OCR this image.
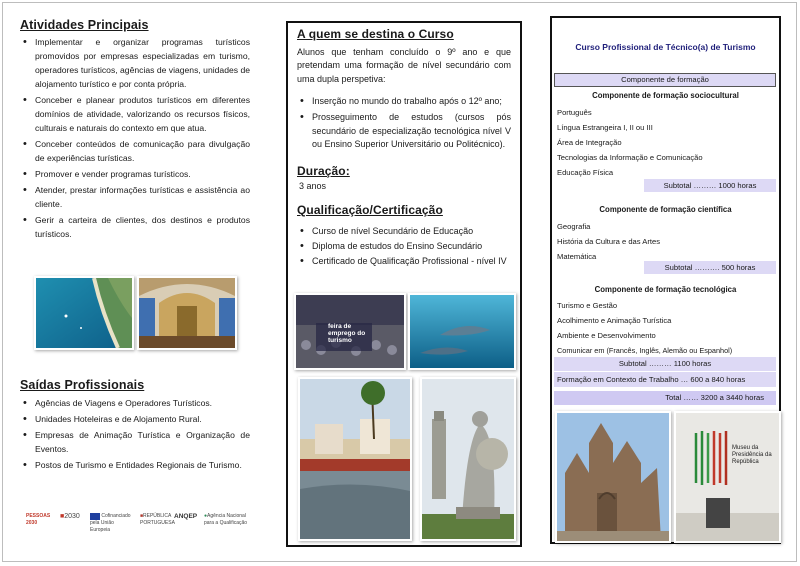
Atividades Principais
• Implementar e organizar programas turísticos promovidos por empresas especializadas em turismo, operadores turísticos, agências de viagens, unidades de alojamento turístico e por conta própria.
• Conceber e planear produtos turísticos em diferentes domínios de atividade, valorizando os recursos físicos, culturais e naturais do contexto em que atua.
• Conceber conteúdos de comunicação para divulgação de experiências turísticas.
• Promover e vender programas turísticos.
• Atender, prestar informações turísticas e assistência ao cliente.
• Gerir a carteira de clientes, dos destinos e produtos turísticos.
Saídas Profissionais
• Agências de Viagens e Operadores Turísticos.
• Unidades Hoteleiras e de Alojamento Rural.
• Empresas de Animação Turística e Organização de Eventos.
• Postos de Turismo e Entidades Regionais de Turismo.
PESSOAS 2030
■2030	Cofinanciado pela União Europeia
■REPÚBLICA PORTUGUESA
ANQEP	●Agência Nacional para a Qualificação
A quem se destina o Curso
Alunos que tenham concluído o 9º ano e que pretendam uma formação de nível secundário com uma dupla perspetiva:
• Inserção no mundo do trabalho após o 12º ano;
• Prosseguimento de estudos (cursos pós secundário de especialização tecnológica nível V ou Ensino Superior Universitário ou Politécnico).
Duração:
3 anos
Qualificação/Certificação
• Curso de nível Secundário de Educação
• Diploma de estudos do Ensino Secundário
• Certificado de Qualificação Profissional - nível IV
feira de emprego do turismo
Curso Profissional de Técnico(a) de Turismo
Componente de formação
Componente de formação sociocultural
Português
Língua Estrangeira I, II ou III
Área de Integração
Tecnologias da Informação e Comunicação
Educação Física
Subtotal ……… 1000 horas
Componente de formação científica
Geografia
História da Cultura e das Artes
Matemática
Subtotal ………. 500 horas
Componente de formação tecnológica
Turismo e Gestão
Acolhimento e Animação Turística
Ambiente e Desenvolvimento
Comunicar em (Francês, Inglês, Alemão ou Espanhol)
Subtotal ……… 1100 horas
Formação em Contexto de Trabalho … 600 a 840 horas
Total …… 3200 a 3440 horas
Museu da Presidência da República
